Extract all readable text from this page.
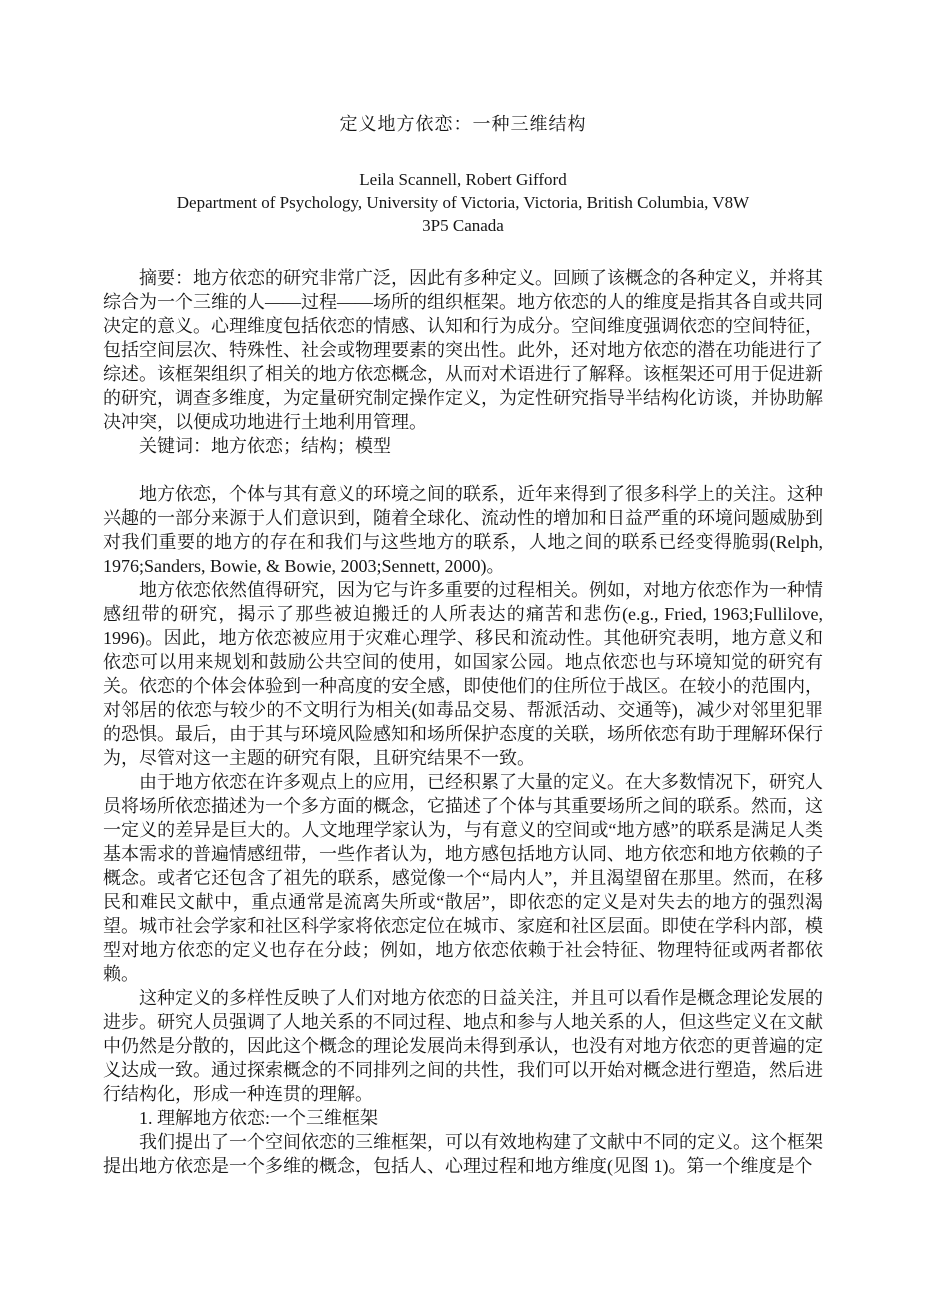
定义地方依恋：一种三维结构
Leila Scannell, Robert Gifford
Department of Psychology, University of Victoria, Victoria, British Columbia, V8W
3P5 Canada

摘要：地方依恋的研究非常广泛，因此有多种定义。回顾了该概念的各种定义，并将其综合为一个三维的人——过程——场所的组织框架。地方依恋的人的维度是指其各自或共同决定的意义。心理维度包括依恋的情感、认知和行为成分。空间维度强调依恋的空间特征，包括空间层次、特殊性、社会或物理要素的突出性。此外，还对地方依恋的潜在功能进行了综述。该框架组织了相关的地方依恋概念，从而对术语进行了解释。该框架还可用于促进新的研究，调查多维度，为定量研究制定操作定义，为定性研究指导半结构化访谈，并协助解决冲突，以便成功地进行土地利用管理。

关键词：地方依恋；结构；模型

地方依恋，个体与其有意义的环境之间的联系，近年来得到了很多科学上的关注。这种兴趣的一部分来源于人们意识到，随着全球化、流动性的增加和日益严重的环境问题威胁到对我们重要的地方的存在和我们与这些地方的联系，人地之间的联系已经变得脆弱(Relph, 1976;Sanders, Bowie, & Bowie, 2003;Sennett, 2000)。

地方依恋依然值得研究，因为它与许多重要的过程相关。例如，对地方依恋作为一种情感纽带的研究，揭示了那些被迫搬迁的人所表达的痛苦和悲伤(e.g., Fried, 1963;Fullilove, 1996)。因此，地方依恋被应用于灾难心理学、移民和流动性。其他研究表明，地方意义和依恋可以用来规划和鼓励公共空间的使用，如国家公园。地点依恋也与环境知觉的研究有关。依恋的个体会体验到一种高度的安全感，即使他们的住所位于战区。在较小的范围内，对邻居的依恋与较少的不文明行为相关(如毒品交易、帮派活动、交通等)，减少对邻里犯罪的恐惧。最后，由于其与环境风险感知和场所保护态度的关联，场所依恋有助于理解环保行为，尽管对这一主题的研究有限，且研究结果不一致。

由于地方依恋在许多观点上的应用，已经积累了大量的定义。在大多数情况下，研究人员将场所依恋描述为一个多方面的概念，它描述了个体与其重要场所之间的联系。然而，这一定义的差异是巨大的。人文地理学家认为，与有意义的空间或“地方感”的联系是满足人类基本需求的普遍情感纽带，一些作者认为，地方感包括地方认同、地方依恋和地方依赖的子概念。或者它还包含了祖先的联系，感觉像一个“局内人”，并且渴望留在那里。然而，在移民和难民文献中，重点通常是流离失所或“散居”，即依恋的定义是对失去的地方的强烈渴望。城市社会学家和社区科学家将依恋定位在城市、家庭和社区层面。即使在学科内部，模型对地方依恋的定义也存在分歧；例如，地方依恋依赖于社会特征、物理特征或两者都依赖。

这种定义的多样性反映了人们对地方依恋的日益关注，并且可以看作是概念理论发展的进步。研究人员强调了人地关系的不同过程、地点和参与人地关系的人，但这些定义在文献中仍然是分散的，因此这个概念的理论发展尚未得到承认，也没有对地方依恋的更普遍的定义达成一致。通过探索概念的不同排列之间的共性，我们可以开始对概念进行塑造，然后进行结构化，形成一种连贯的理解。

1. 理解地方依恋:一个三维框架

我们提出了一个空间依恋的三维框架，可以有效地构建了文献中不同的定义。这个框架提出地方依恋是一个多维的概念，包括人、心理过程和地方维度(见图 1)。第一个维度是个
